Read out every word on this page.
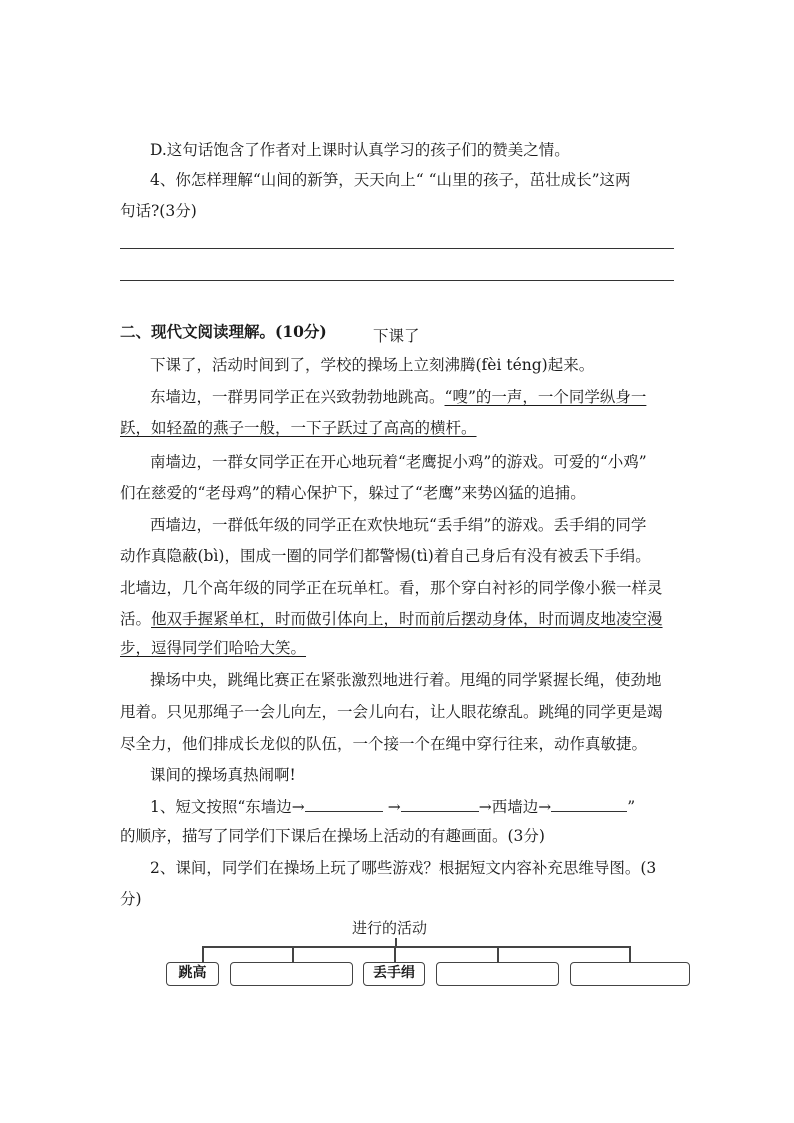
D.这句话饱含了作者对上课时认真学习的孩子们的赞美之情。
4、你怎样理解“山间的新笋，天天向上“ “山里的孩子，茁壮成长”这两
句话?(3分)
二、现代文阅读理解。(10分)	下课了
下课了，活动时间到了，学校的操场上立刻沸腾(fèi téng)起来。
东墙边，一群男同学正在兴致勃勃地跳高。“嗖”的一声，一个同学纵身一
跃，如轻盈的燕子一般，一下子跃过了高高的横杆。
南墙边，一群女同学正在开心地玩着“老鹰捉小鸡”的游戏。可爱的“小鸡”
们在慈爱的“老母鸡”的精心保护下，躲过了“老鹰”来势凶猛的追捕。
西墙边，一群低年级的同学正在欢快地玩“丢手绢”的游戏。丢手绢的同学
动作真隐蔽(bì)，围成一圈的同学们都警惕(tì)着自己身后有没有被丢下手绢。
北墙边，几个高年级的同学正在玩单杠。看，那个穿白衬衫的同学像小猴一样灵
活。他双手握紧单杠，时而做引体向上，时而前后摆动身体，时而调皮地凌空漫
步，逗得同学们哈哈大笑。
操场中央，跳绳比赛正在紧张激烈地进行着。甩绳的同学紧握长绳，使劲地
甩着。只见那绳子一会儿向左，一会儿向右，让人眼花缭乱。跳绳的同学更是竭
尽全力，他们排成长龙似的队伍，一个接一个在绳中穿行往来，动作真敏捷。
课间的操场真热闹啊!
1、短文按照“东墙边→	→	→西墙边→	”
的顺序，描写了同学们下课后在操场上活动的有趣画面。(3分)
2、课间，同学们在操场上玩了哪些游戏？根据短文内容补充思维导图。(3
分)
进行的活动
跳高	丢手绢
